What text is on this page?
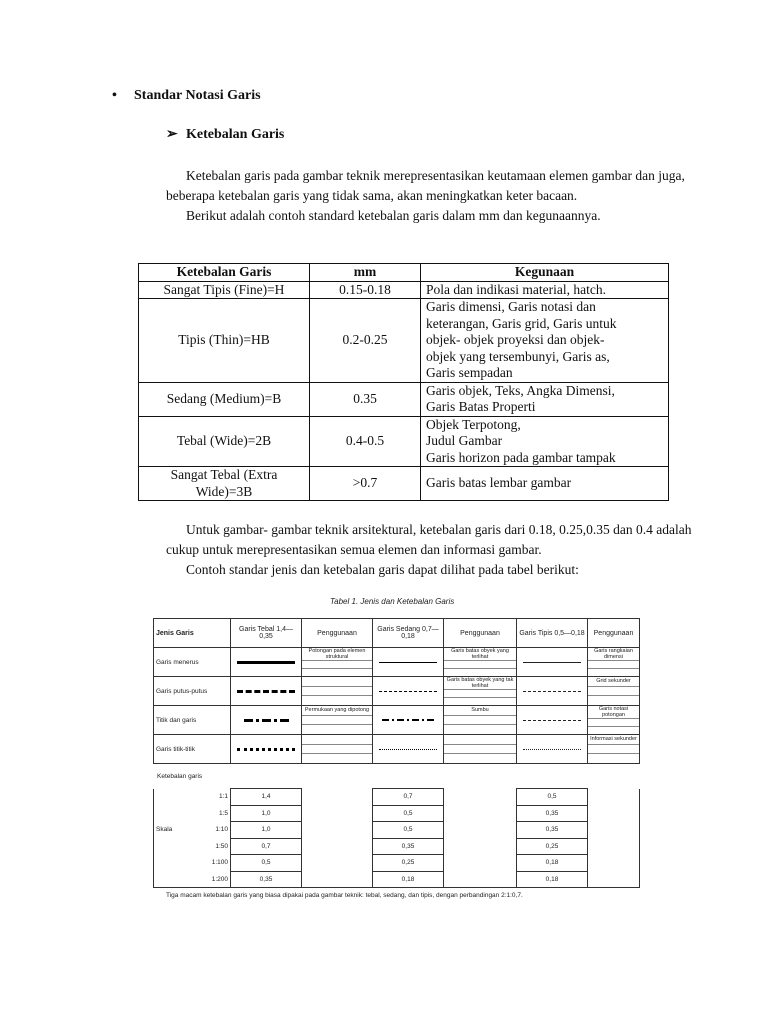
• Standar Notasi Garis
➢ Ketebalan Garis

Ketebalan garis pada gambar teknik merepresentasikan keutamaan elemen gambar dan juga, beberapa ketebalan garis yang tidak sama, akan meningkatkan keter bacaan.

Berikut adalah contoh standard ketebalan garis dalam mm dan kegunaannya.

Ketebalan Garis	mm	Kegunaan
Sangat Tipis (Fine)=H	0.15-0.18	Pola dan indikasi material, hatch.

Tipis (Thin)=HB	0.2-0.25	Garis dimensi, Garis notasi dan
keterangan, Garis grid, Garis untuk
objek- objek proyeksi dan objek-
objek yang tersembunyi, Garis as,
Garis sempadan

Sedang (Medium)=B	0.35	Garis objek, Teks, Angka Dimensi,
Garis Batas Properti

Tebal (Wide)=2B	0.4-0.5	Objek Terpotong,
Judul Gambar
Garis horizon pada gambar tampak

Sangat Tebal (Extra Wide)=3B	>0.7	Garis batas lembar gambar

Untuk gambar- gambar teknik arsitektural, ketebalan garis dari 0.18, 0.25,0.35 dan 0.4 adalah cukup untuk merepresentasikan semua elemen dan informasi gambar.

Contoh standar jenis dan ketebalan garis dapat dilihat pada tabel berikut:

Tabel 1. Jenis dan Ketebalan Garis
Jenis Garis	Garis Tebal 1,4—0,35	Penggunaan	Garis Sedang 0,7—0,18	Penggunaan	Garis Tipis 0,5—0,18	Penggunaan
Garis menerus		Potongan pada elemen struktural		Garis batas obyek yang terlihat		Garis rangkaian dimensi

Garis putus-putus				Garis batas obyek yang tak terlihat		Grid sekunder

Titik dan garis		Permukaan yang dipotong		Sumbu		Garis notasi potongan

Garis titik-titik						Informasi sekunder
Ketebalan garis
1:1	1,4		0,7		0,5	
1:5	1,0		0,5		0,35	

Skala 1:10	1,0		0,5		0,35	
1:50	0,7		0,35		0,25	
1:100	0,5		0,25		0,18	
1:200	0,35		0,18		0,18	
Tiga macam ketebalan garis yang biasa dipakai pada gambar teknik: tebal, sedang, dan tipis, dengan perbandingan 2:1:0,7.
